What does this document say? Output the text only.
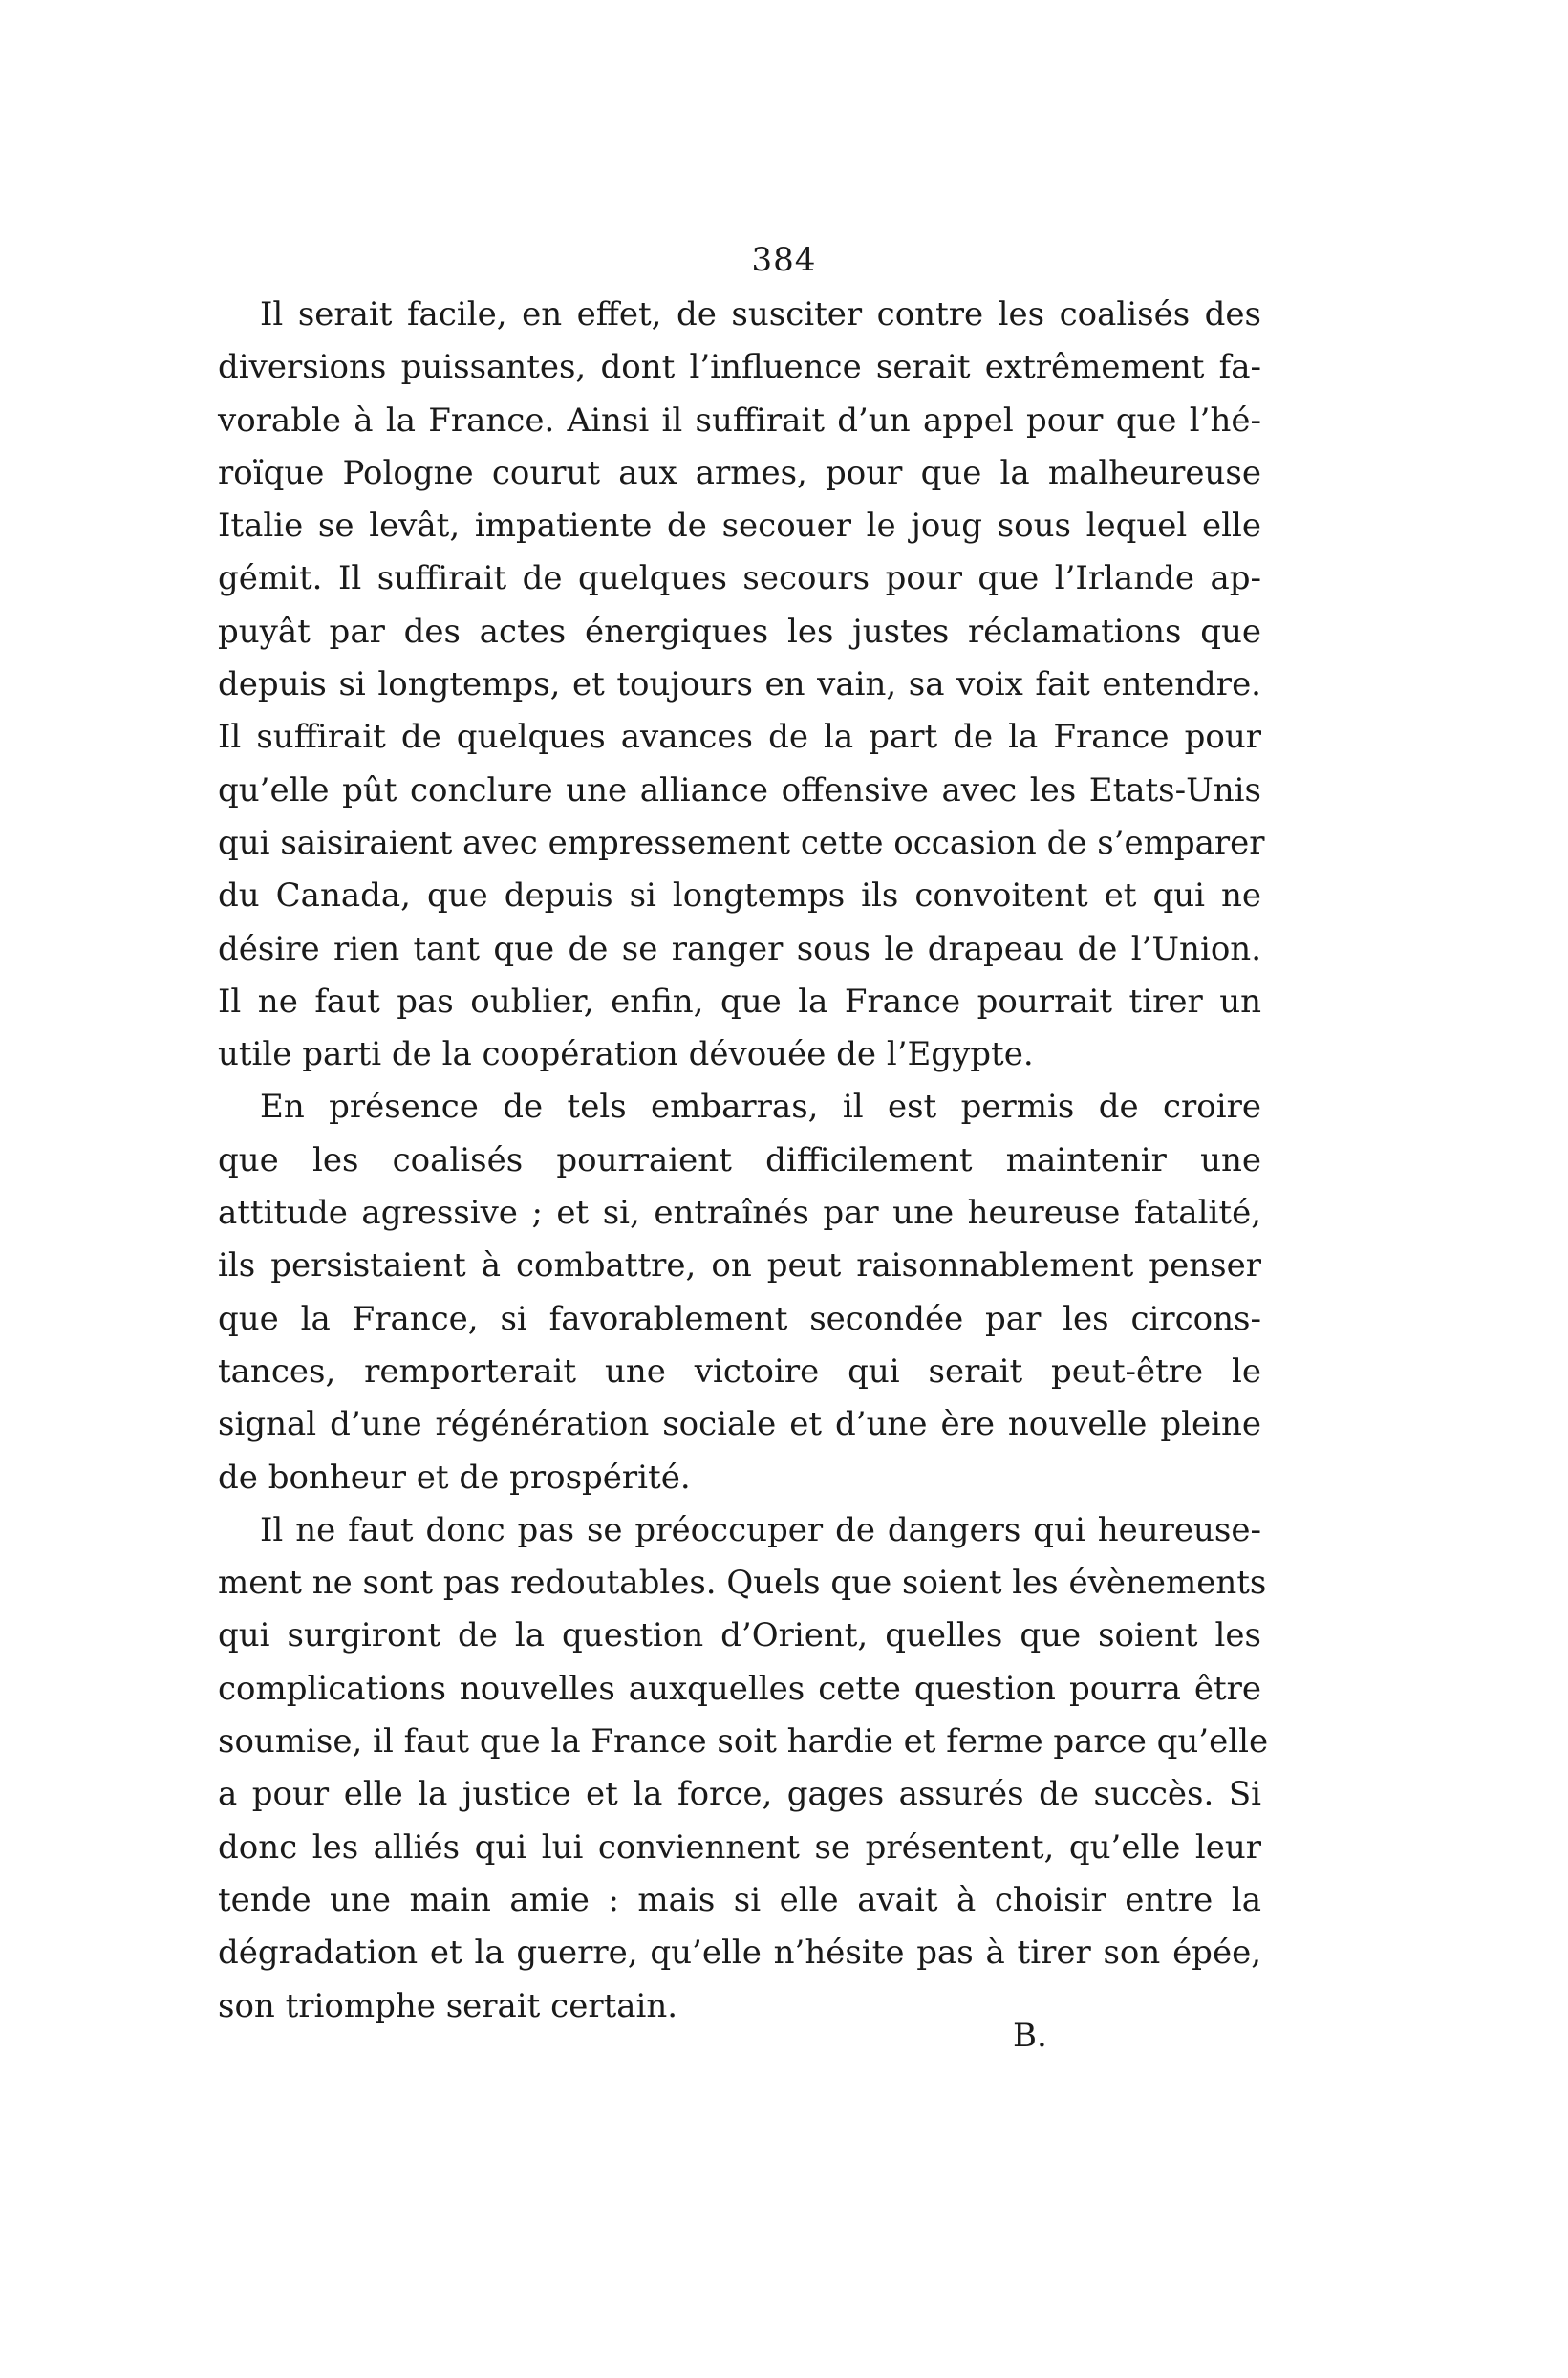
384
Il serait facile, en effet, de susciter contre les coalisés des
diversions puissantes, dont l’influence serait extrêmement fa-
vorable à la France. Ainsi il suffirait d’un appel pour que l’hé-
roïque Pologne courut aux armes, pour que la malheureuse
Italie se levât, impatiente de secouer le joug sous lequel elle
gémit. Il suffirait de quelques secours pour que l’Irlande ap-
puyât par des actes énergiques les justes réclamations que
depuis si longtemps, et toujours en vain, sa voix fait entendre.
Il suffirait de quelques avances de la part de la France pour
qu’elle pût conclure une alliance offensive avec les Etats-Unis
qui saisiraient avec empressement cette occasion de s’emparer
du Canada, que depuis si longtemps ils convoitent et qui ne
désire rien tant que de se ranger sous le drapeau de l’Union.
Il ne faut pas oublier, enfin, que la France pourrait tirer un
utile parti de la coopération dévouée de l’Egypte.
En présence de tels embarras, il est permis de croire
que les coalisés pourraient difficilement maintenir une
attitude agressive ; et si, entraînés par une heureuse fatalité,
ils persistaient à combattre, on peut raisonnablement penser
que la France, si favorablement secondée par les circons-
tances, remporterait une victoire qui serait peut-être le
signal d’une régénération sociale et d’une ère nouvelle pleine
de bonheur et de prospérité.
Il ne faut donc pas se préoccuper de dangers qui heureuse-
ment ne sont pas redoutables. Quels que soient les évènements
qui surgiront de la question d’Orient, quelles que soient les
complications nouvelles auxquelles cette question pourra être
soumise, il faut que la France soit hardie et ferme parce qu’elle
a pour elle la justice et la force, gages assurés de succès. Si
donc les alliés qui lui conviennent se présentent, qu’elle leur
tende une main amie : mais si elle avait à choisir entre la
dégradation et la guerre, qu’elle n’hésite pas à tirer son épée,
son triomphe serait certain.
B.
